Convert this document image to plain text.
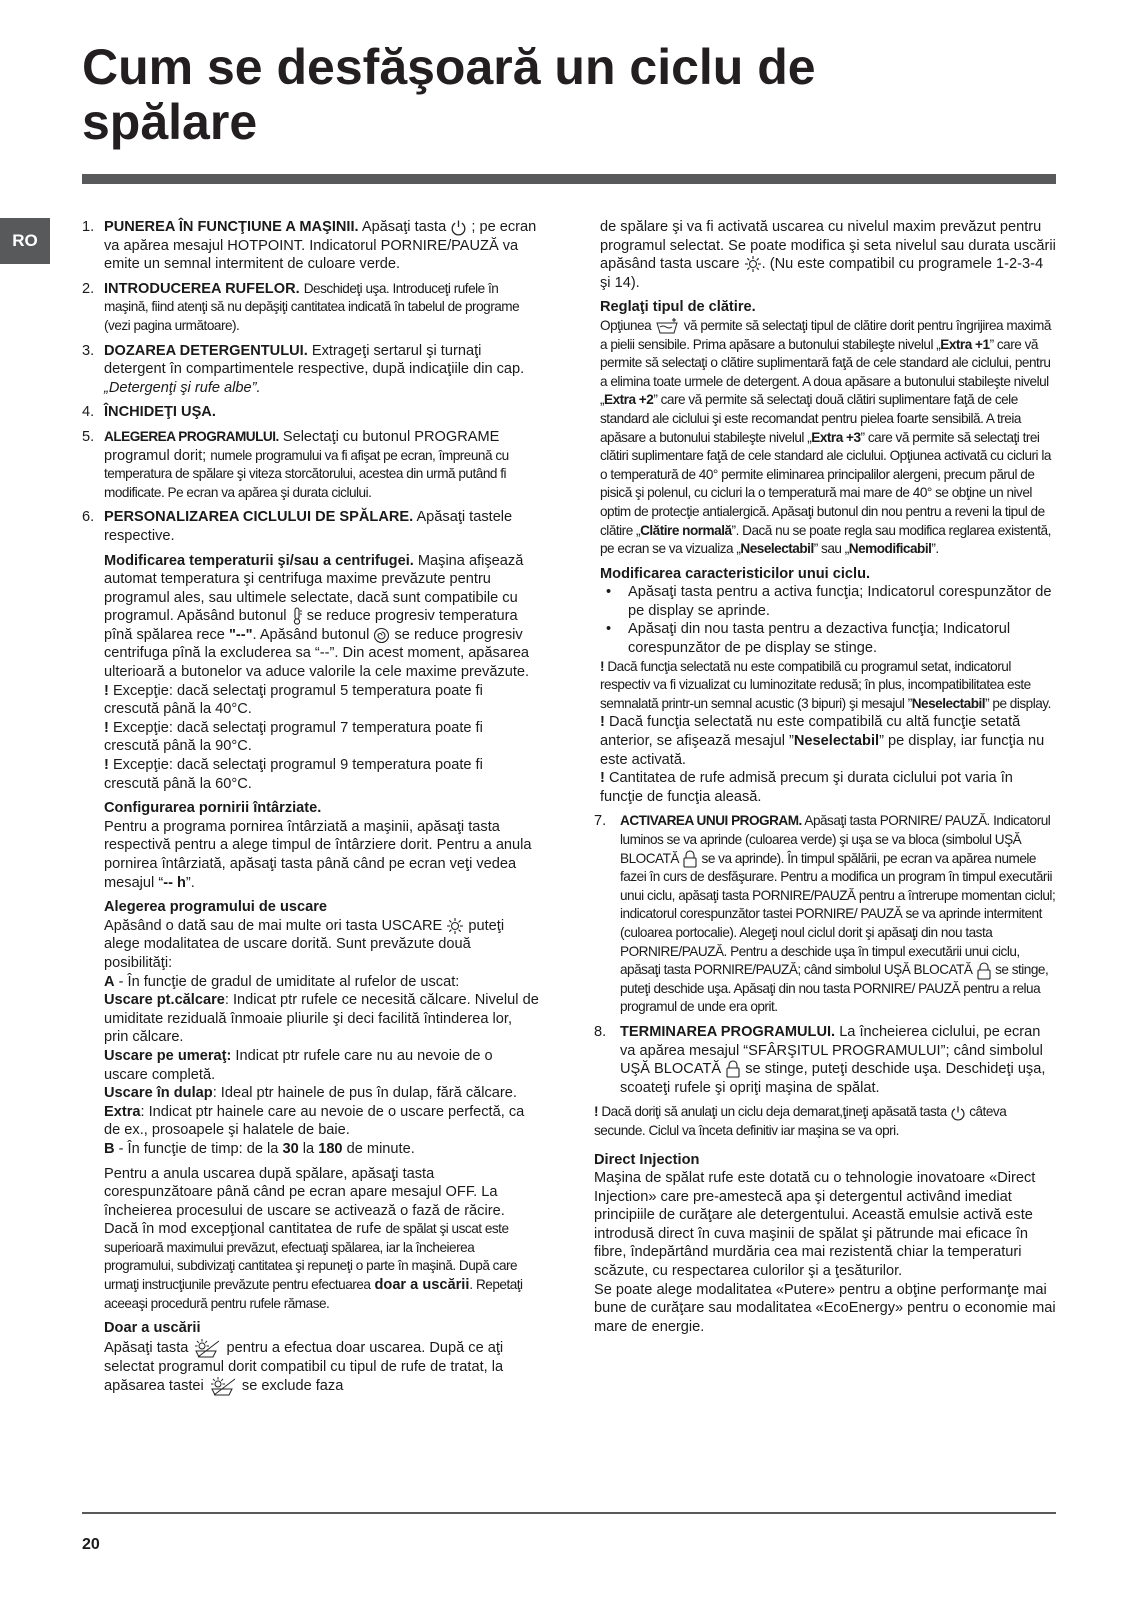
Cum se desfăşoară un ciclu de spălare
RO
1. PUNEREA ÎN FUNCŢIUNE A MAŞINII. Apăsaţi tasta ; pe ecran va apărea mesajul HOTPOINT. Indicatorul PORNIRE/PAUZĂ va emite un semnal intermitent de culoare verde.
2. INTRODUCEREA RUFELOR. Deschideţi uşa. Introduceţi rufele în maşină, fiind atenţi să nu depăşiţi cantitatea indicată în tabelul de programe (vezi pagina următoare).
3. DOZAREA DETERGENTULUI. Extrageţi sertarul şi turnaţi detergent în compartimentele respective, după indicaţiile din cap. „Detergenţi şi rufe albe”.
4. ÎNCHIDEŢI UŞA.
5. ALEGEREA PROGRAMULUI. Selectaţi cu butonul PROGRAME programul dorit; numele programului va fi afişat pe ecran, împreună cu temperatura de spălare şi viteza storcătorului, acestea din urmă putând fi modificate. Pe ecran va apărea şi durata ciclului.
6. PERSONALIZAREA CICLULUI DE SPĂLARE. Apăsaţi tastele respective.

Modificarea temperaturii şi/sau a centrifugei. Maşina afişează automat temperatura şi centrifuga maxime prevăzute pentru programul ales, sau ultimele selectate, dacă sunt compatibile cu programul. Apăsând butonul se reduce progresiv temperatura pînă spălarea rece "--". Apăsând butonul se reduce progresiv centrifuga pînă la excluderea sa “--”. Din acest moment, apăsarea ulterioară a butonelor va aduce valorile la cele maxime prevăzute.

! Excepţie: dacă selectaţi programul 5 temperatura poate fi crescută până la 40°C.

! Excepţie: dacă selectaţi programul 7 temperatura poate fi crescută până la 90°C.

! Excepţie: dacă selectaţi programul 9 temperatura poate fi crescută până la 60°C.

Configurarea pornirii întârziate.

Pentru a programa pornirea întârziată a maşinii, apăsaţi tasta respectivă pentru a alege timpul de întârziere dorit. Pentru a anula pornirea întârziată, apăsaţi tasta până când pe ecran veţi vedea mesajul “-- h”.

Alegerea programului de uscare

Apăsând o dată sau de mai multe ori tasta USCARE puteţi alege modalitatea de uscare dorită. Sunt prevăzute două posibilităţi:

A - În funcţie de gradul de umiditate al rufelor de uscat:

Uscare pt.călcare: Indicat ptr rufele ce necesită călcare. Nivelul de umiditate reziduală înmoaie pliurile şi deci facilită întinderea lor, prin călcare.

Uscare pe umeraţ: Indicat ptr rufele care nu au nevoie de o uscare completă.

Uscare în dulap: Ideal ptr hainele de pus în dulap, fără călcare.

Extra: Indicat ptr hainele care au nevoie de o uscare perfectă, ca de ex., prosoapele şi halatele de baie.

B - În funcţie de timp: de la 30 la 180 de minute.

Pentru a anula uscarea după spălare, apăsaţi tasta corespunzătoare până când pe ecran apare mesajul OFF. La încheierea procesului de uscare se activează o fază de răcire. Dacă în mod excepţional cantitatea de rufe de spălat şi uscat este superioară maximului prevăzut, efectuaţi spălarea, iar la încheierea programului, subdivizaţi cantitatea şi repuneţi o parte în maşină. După care urmaţi instrucţiunile prevăzute pentru efectuarea doar a uscării. Repetaţi aceeaşi procedură pentru rufele rămase.

Doar a uscării

Apăsaţi tasta	pentru a efectua doar uscarea. După ce aţi selectat programul dorit compatibil cu tipul de rufe de tratat, la apăsarea tastei	se exclude faza

de spălare şi va fi activată uscarea cu nivelul maxim prevăzut pentru programul selectat. Se poate modifica şi seta nivelul sau durata uscării apăsând tasta uscare . (Nu este compatibil cu programele 1-2-3-4 şi 14).

Reglaţi tipul de clătire.

Opţiunea vă permite să selectaţi tipul de clătire dorit pentru îngrijirea maximă a pielii sensibile. Prima apăsare a butonului stabileşte nivelul „Extra +1” care vă permite să selectaţi o clătire suplimentară faţă de cele standard ale ciclului, pentru a elimina toate urmele de detergent. A doua apăsare a butonului stabileşte nivelul „Extra +2” care vă permite să selectaţi două clătiri suplimentare faţă de cele standard ale ciclului şi este recomandat pentru pielea foarte sensibilă. A treia apăsare a butonului stabileşte nivelul „Extra +3” care vă permite să selectaţi trei clătiri suplimentare faţă de cele standard ale ciclului. Opţiunea activată cu cicluri la o temperatură de 40° permite eliminarea principalilor alergeni, precum părul de pisică şi polenul, cu cicluri la o temperatură mai mare de 40° se obţine un nivel optim de protecţie antialergică. Apăsaţi butonul din nou pentru a reveni la tipul de clătire „Clătire normală”. Dacă nu se poate regla sau modifica reglarea existentă, pe ecran se va vizualiza „Neselectabil” sau „Nemodificabil”.

Modificarea caracteristicilor unui ciclu.

•	Apăsaţi tasta pentru a activa funcţia; Indicatorul corespunzător de pe display se aprinde.
•	Apăsaţi din nou tasta pentru a dezactiva funcţia; Indicatorul corespunzător de pe display se stinge.

! Dacă funcţia selectată nu este compatibilă cu programul setat, indicatorul respectiv va fi vizualizat cu luminozitate redusă; în plus, incompatibilitatea este semnalată printr-un semnal acustic (3 bipuri) şi mesajul ”Neselectabil” pe display.

! Dacă funcţia selectată nu este compatibilă cu altă funcţie setată anterior, se afişează mesajul ”Neselectabil” pe display, iar funcţia nu este activată.

! Cantitatea de rufe admisă precum şi durata ciclului pot varia în funcţie de funcţia aleasă.

7.	ACTIVAREA UNUI PROGRAM. Apăsaţi tasta PORNIRE/ PAUZĂ. Indicatorul luminos se va aprinde (culoarea verde) şi uşa se va bloca (simbolul UŞĂ BLOCATĂ se va aprinde). În timpul spălării, pe ecran va apărea numele fazei în curs de desfăşurare. Pentru a modifica un program în timpul executării unui ciclu, apăsaţi tasta PORNIRE/PAUZĂ pentru a întrerupe momentan ciclul; indicatorul corespunzător tastei PORNIRE/ PAUZĂ se va aprinde intermitent (culoarea portocalie). Alegeţi noul ciclul dorit şi apăsaţi din nou tasta PORNIRE/PAUZĂ. Pentru a deschide uşa în timpul executării unui ciclu, apăsaţi tasta PORNIRE/PAUZĂ; când simbolul UŞĂ BLOCATĂ se stinge, puteţi deschide uşa. Apăsaţi din nou tasta PORNIRE/ PAUZĂ pentru a relua programul de unde era oprit.
8. TERMINAREA PROGRAMULUI. La încheierea ciclului, pe ecran va apărea mesajul “SFÂRŞITUL PROGRAMULUI”; când simbolul UŞĂ BLOCATĂ se stinge, puteţi deschide uşa. Deschideţi uşa, scoateţi rufele şi opriţi maşina de spălat.

! Dacă doriţi să anulaţi un ciclu deja demarat,ţineţi apăsată tasta câteva secunde. Ciclul va înceta definitiv iar maşina se va opri.

Direct Injection

Maşina de spălat rufe este dotată cu o tehnologie inovatoare «Direct Injection» care pre-amestecă apa şi detergentul activând imediat principiile de curăţare ale detergentului. Această emulsie activă este introdusă direct în cuva maşinii de spălat şi pătrunde mai eficace în fibre, îndepărtând murdăria cea mai rezistentă chiar la temperaturi scăzute, cu respectarea culorilor şi a ţesăturilor.

Se poate alege modalitatea «Putere» pentru a obţine performanţe mai bune de curăţare sau modalitatea «EcoEnergy» pentru o economie mai mare de energie.

20
